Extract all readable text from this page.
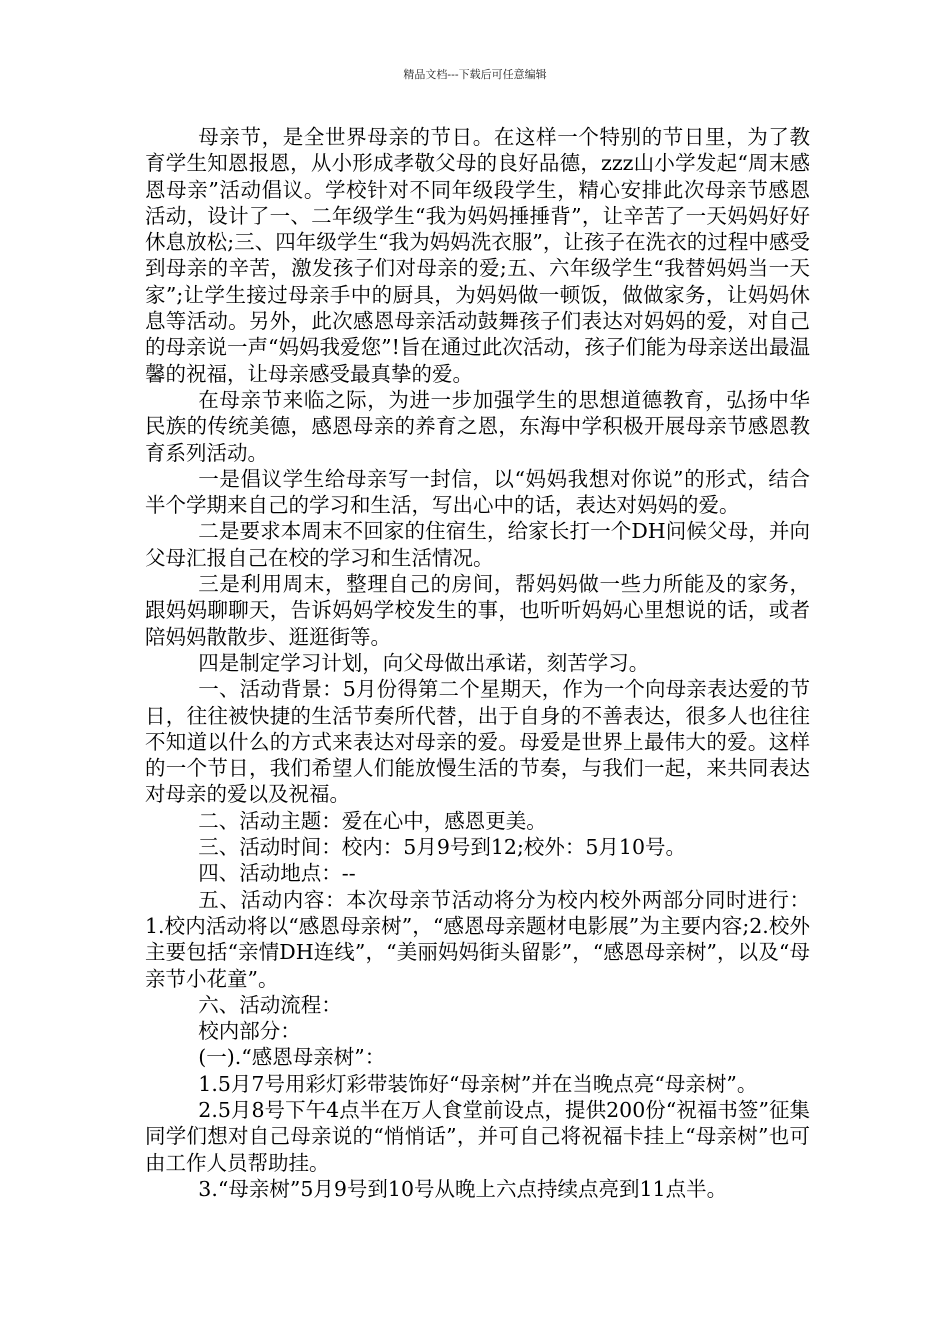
精品文档---下载后可任意编辑

母亲节，是全世界母亲的节日。在这样一个特别的节日里，为了教育学生知恩报恩，从小形成孝敬父母的良好品德，zzz山小学发起“周末感恩母亲”活动倡议。学校针对不同年级段学生，精心安排此次母亲节感恩活动，设计了一、二年级学生“我为妈妈捶捶背”，让辛苦了一天妈妈好好休息放松;三、四年级学生“我为妈妈洗衣服”，让孩子在洗衣的过程中感受到母亲的辛苦，激发孩子们对母亲的爱;五、六年级学生“我替妈妈当一天家”;让学生接过母亲手中的厨具，为妈妈做一顿饭，做做家务，让妈妈休息等活动。另外，此次感恩母亲活动鼓舞孩子们表达对妈妈的爱，对自己的母亲说一声“妈妈我爱您”!旨在通过此次活动，孩子们能为母亲送出最温馨的祝福，让母亲感受最真挚的爱。

在母亲节来临之际，为进一步加强学生的思想道德教育，弘扬中华民族的传统美德，感恩母亲的养育之恩，东海中学积极开展母亲节感恩教育系列活动。

一是倡议学生给母亲写一封信，以“妈妈我想对你说”的形式，结合半个学期来自己的学习和生活，写出心中的话，表达对妈妈的爱。

二是要求本周末不回家的住宿生，给家长打一个DH问候父母，并向父母汇报自己在校的学习和生活情况。

三是利用周末，整理自己的房间，帮妈妈做一些力所能及的家务，跟妈妈聊聊天，告诉妈妈学校发生的事，也听听妈妈心里想说的话，或者陪妈妈散散步、逛逛街等。

四是制定学习计划，向父母做出承诺，刻苦学习。

一、活动背景：5月份得第二个星期天，作为一个向母亲表达爱的节日，往往被快捷的生活节奏所代替，出于自身的不善表达，很多人也往往不知道以什么的方式来表达对母亲的爱。母爱是世界上最伟大的爱。这样的一个节日，我们希望人们能放慢生活的节奏，与我们一起，来共同表达对母亲的爱以及祝福。

二、活动主题：爱在心中，感恩更美。

三、活动时间：校内：5月9号到12;校外：5月10号。

四、活动地点：--

五、活动内容：本次母亲节活动将分为校内校外两部分同时进行：1.校内活动将以“感恩母亲树”，“感恩母亲题材电影展”为主要内容;2.校外主要包括“亲情DH连线”，“美丽妈妈街头留影”，“感恩母亲树”，以及“母亲节小花童”。

六、活动流程：

校内部分：

(一).“感恩母亲树”：

1.5月7号用彩灯彩带装饰好“母亲树”并在当晚点亮“母亲树”。

2.5月8号下午4点半在万人食堂前设点，提供200份“祝福书签”征集同学们想对自己母亲说的“悄悄话”，并可自己将祝福卡挂上“母亲树”也可由工作人员帮助挂。

3.“母亲树”5月9号到10号从晚上六点持续点亮到11点半。
